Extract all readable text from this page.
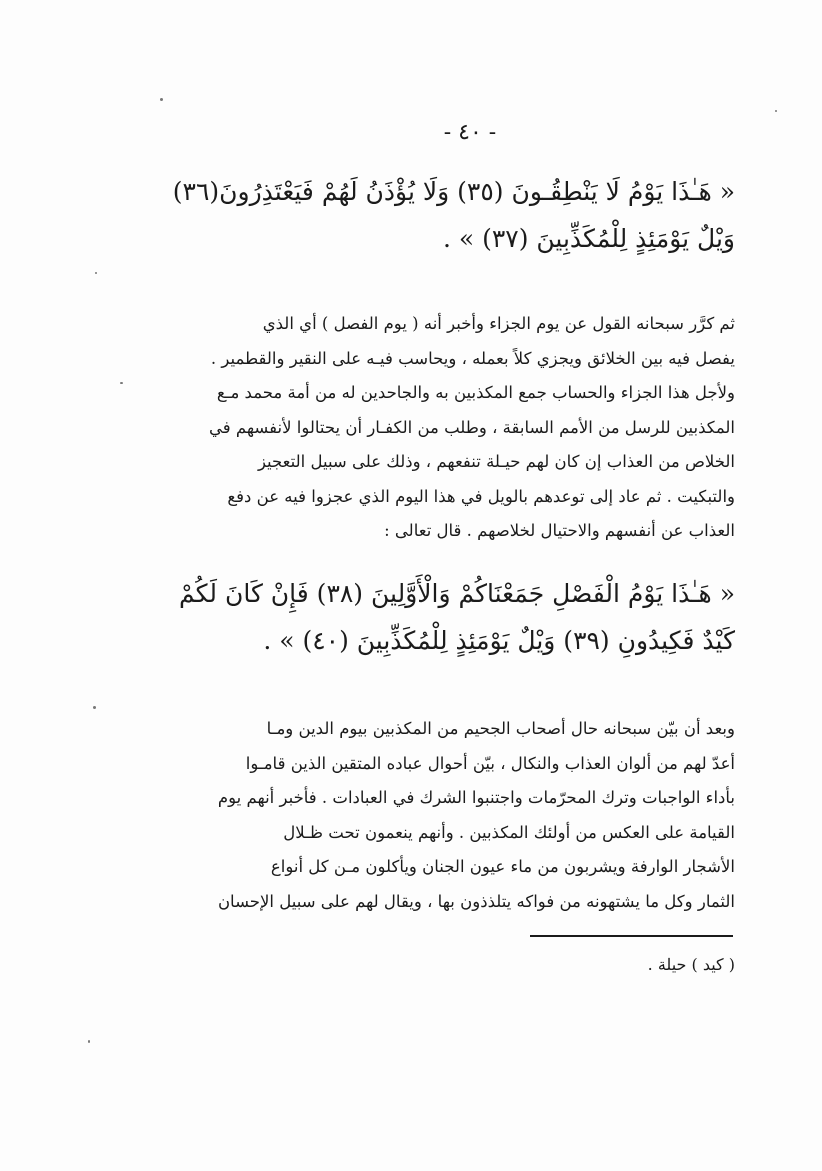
- ٤٠ -
« هَـٰذَا يَوْمُ لَا يَنْطِقُـونَ (٣٥) وَلَا يُؤْذَنُ لَهُمْ فَيَعْتَذِرُونَ(٣٦)
وَيْلٌ يَوْمَئِذٍ لِلْمُكَذِّبِينَ (٣٧) » .
ثم كرَّر سبحانه القول عن يوم الجزاء وأخبر أنه ( يوم الفصل ) أي الذي
يفصل فيه بين الخلائق ويجزي كلاً بعمله ، ويحاسب فيـه على النقير والقطمير .
ولأجل هذا الجزاء والحساب جمع المكذبين به والجاحدين له من أمة محمد مـع
المكذبين للرسل من الأمم السابقة ، وطلب من الكفـار أن يحتالوا لأنفسهم في
الخلاص من العذاب إن كان لهم حيـلة تنفعهم ، وذلك على سبيل التعجيز
والتبكيت . ثم عاد إلى توعدهم بالويل في هذا اليوم الذي عجزوا فيه عن دفع
العذاب عن أنفسهم والاحتيال لخلاصهم . قال تعالى :
« هَـٰذَا يَوْمُ الْفَصْلِ جَمَعْنَاكُمْ وَالْأَوَّلِينَ (٣٨) فَإِنْ كَانَ لَكُمْ
كَيْدٌ فَكِيدُونِ (٣٩) وَيْلٌ يَوْمَئِذٍ لِلْمُكَذِّبِينَ (٤٠) » .
وبعد أن بيّن سبحانه حال أصحاب الجحيم من المكذبين بيوم الدين ومـا
أعدّ لهم من ألوان العذاب والنكال ، بيّن أحوال عباده المتقين الذين قامـوا
بأداء الواجبات وترك المحرّمات واجتنبوا الشرك في العبادات . فأخبر أنهم يوم
القيامة على العكس من أولئك المكذبين . وأنهم ينعمون تحت ظـلال
الأشجار الوارفة ويشربون من ماء عيون الجنان ويأكلون مـن كل أنواع
الثمار وكل ما يشتهونه من فواكه يتلذذون بها ، ويقال لهم على سبيل الإحسان
( كيد ) حيلة .
